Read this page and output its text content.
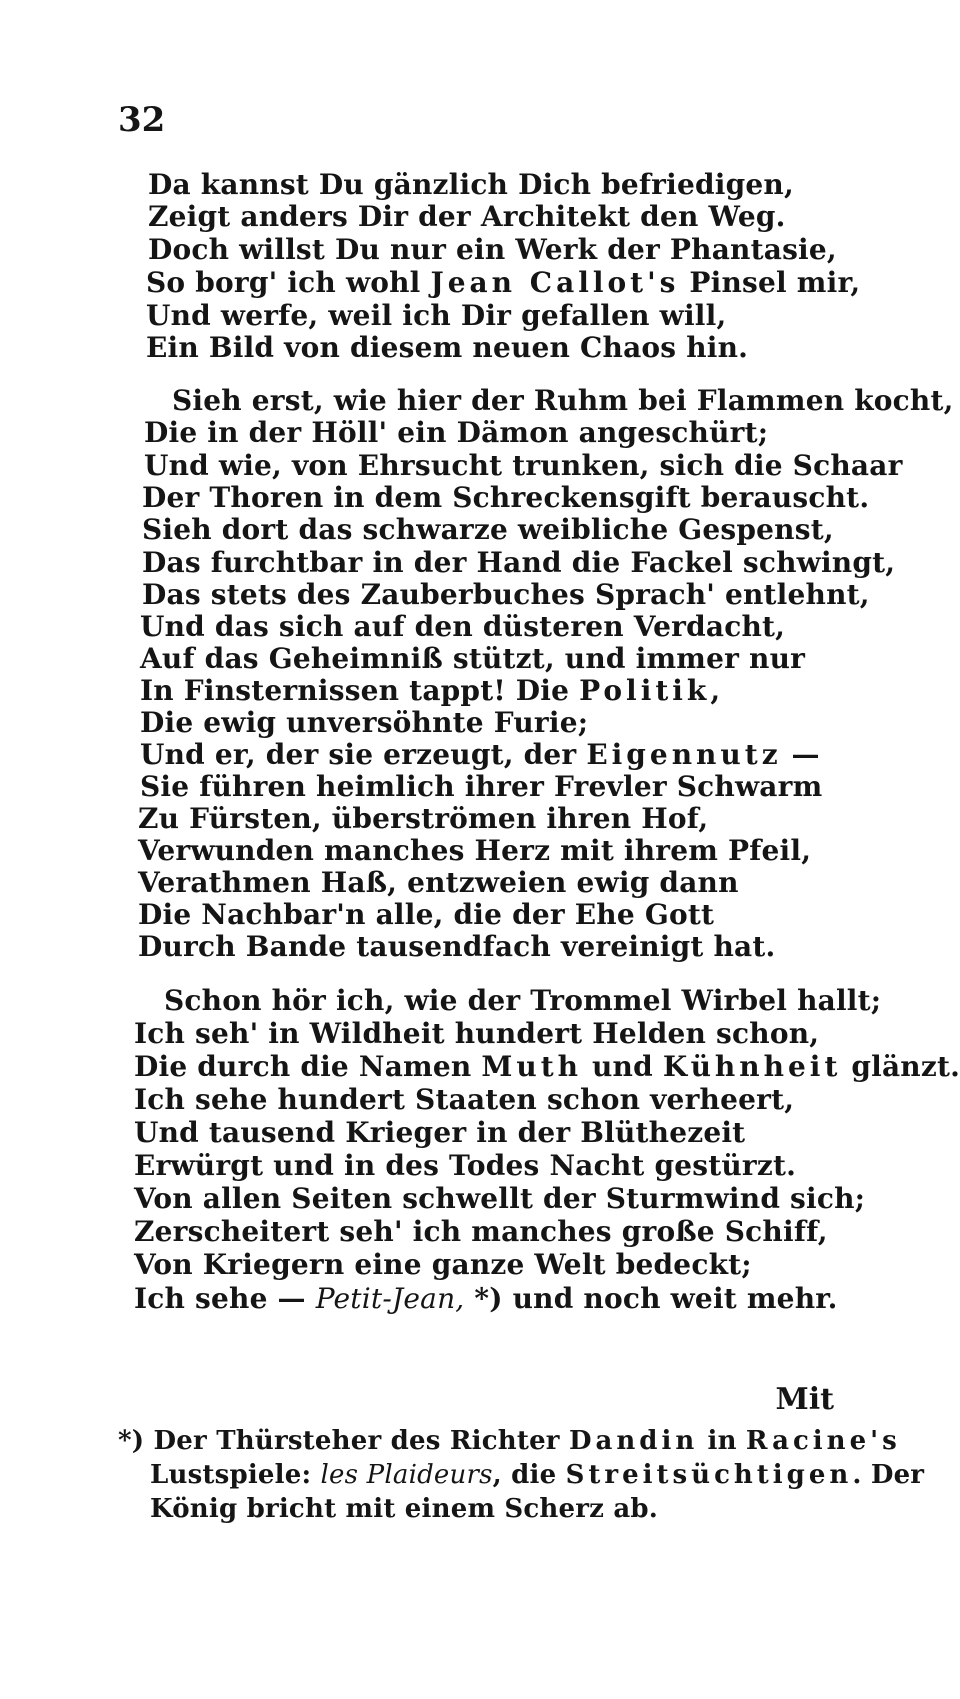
32
Da kannst Du gänzlich Dich befriedigen,
Zeigt anders Dir der Architekt den Weg.
Doch willst Du nur ein Werk der Phantasie,
So borg' ich wohl Jean Callot's Pinsel mir,
Und werfe, weil ich Dir gefallen will,
Ein Bild von diesem neuen Chaos hin.
Sieh erst, wie hier der Ruhm bei Flammen kocht,
Die in der Höll' ein Dämon angeschürt;
Und wie, von Ehrsucht trunken, sich die Schaar
Der Thoren in dem Schreckensgift berauscht.
Sieh dort das schwarze weibliche Gespenst,
Das furchtbar in der Hand die Fackel schwingt,
Das stets des Zauberbuches Sprach' entlehnt,
Und das sich auf den düsteren Verdacht,
Auf das Geheimniß stützt, und immer nur
In Finsternissen tappt! Die Politik,
Die ewig unversöhnte Furie;
Und er, der sie erzeugt, der Eigennutz —
Sie führen heimlich ihrer Frevler Schwarm
Zu Fürsten, überströmen ihren Hof,
Verwunden manches Herz mit ihrem Pfeil,
Verathmen Haß, entzweien ewig dann
Die Nachbar'n alle, die der Ehe Gott
Durch Bande tausendfach vereinigt hat.
Schon hör ich, wie der Trommel Wirbel hallt;
Ich seh' in Wildheit hundert Helden schon,
Die durch die Namen Muth und Kühnheit glänzt.
Ich sehe hundert Staaten schon verheert,
Und tausend Krieger in der Blüthezeit
Erwürgt und in des Todes Nacht gestürzt.
Von allen Seiten schwellt der Sturmwind sich;
Zerscheitert seh' ich manches große Schiff,
Von Kriegern eine ganze Welt bedeckt;
Ich sehe — Petit-Jean, *) und noch weit mehr.
Mit
*) Der Thürsteher des Richter Dandin in Racine's
Lustspiele: les Plaideurs, die Streitsüchtigen. Der
König bricht mit einem Scherz ab.
